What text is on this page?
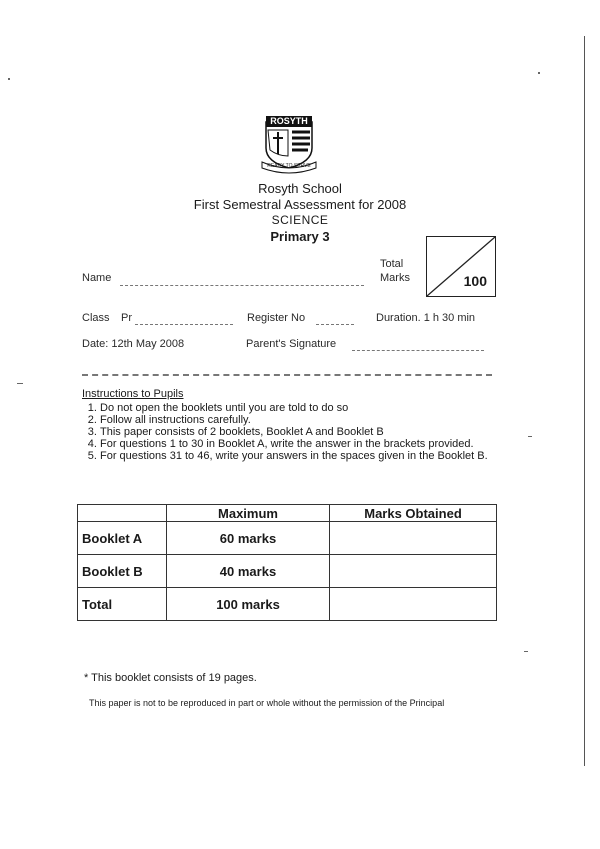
ROSYTH
READY TO SERVE
Rosyth School
First Semestral Assessment for 2008
SCIENCE
Primary 3
Name
Total
Marks	100
Class Pr	Register No	Duration. 1 h 30 min
Date: 12th May 2008	Parent's Signature
Instructions to Pupils
1. Do not open the booklets until you are told to do so
2. Follow all instructions carefully.
3. This paper consists of 2 booklets, Booklet A and Booklet B
4. For questions 1 to 30 in Booklet A, write the answer in the brackets provided.
5. For questions 31 to 46, write your answers in the spaces given in the Booklet B.
	Maximum	Marks Obtained
Booklet A	60 marks	
Booklet B	40 marks	
Total	100 marks	
* This booklet consists of 19 pages.
This paper is not to be reproduced in part or whole without the permission of the Principal
